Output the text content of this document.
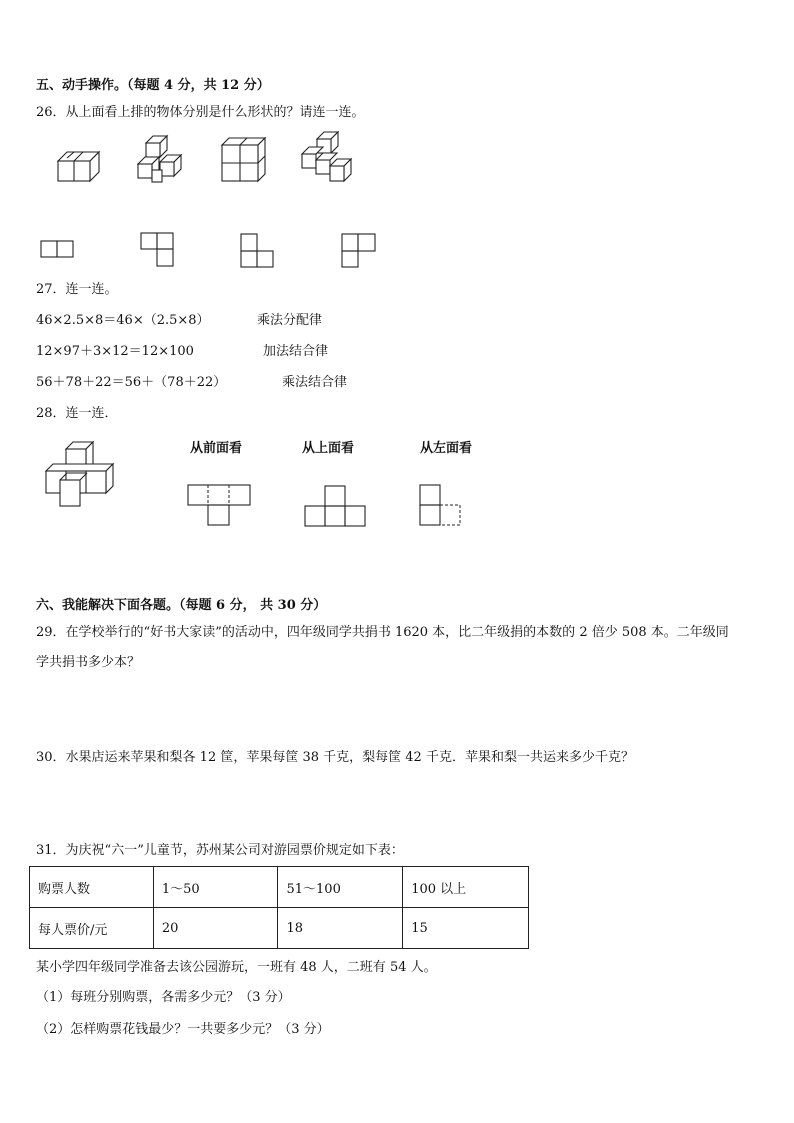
五、动手操作。（每题 4 分，共 12 分）
26．从上面看上排的物体分别是什么形状的？请连一连。
27．连一连。
46×2.5×8＝46×（2.5×8）	乘法分配律
12×97＋3×12＝12×100	加法结合律
56＋78＋22＝56＋（78＋22）	乘法结合律
28．连一连．
从前面看	从上面看	从左面看
六、我能解决下面各题。（每题 6 分， 共 30 分）
29．在学校举行的“好书大家读”的活动中，四年级同学共捐书 1620 本，比二年级捐的本数的 2 倍少 508 本。二年级同
学共捐书多少本？
30．水果店运来苹果和梨各 12 筐，苹果每筐 38 千克，梨每筐 42 千克．苹果和梨一共运来多少千克？
31．为庆祝“六一”儿童节，苏州某公司对游园票价规定如下表：
购票人数	1～50	51～100	100 以上
每人票价/元	20	18	15
某小学四年级同学准备去该公园游玩，一班有 48 人，二班有 54 人。
（1）每班分别购票，各需多少元？（3 分）
（2）怎样购票花钱最少？一共要多少元？（3 分）
